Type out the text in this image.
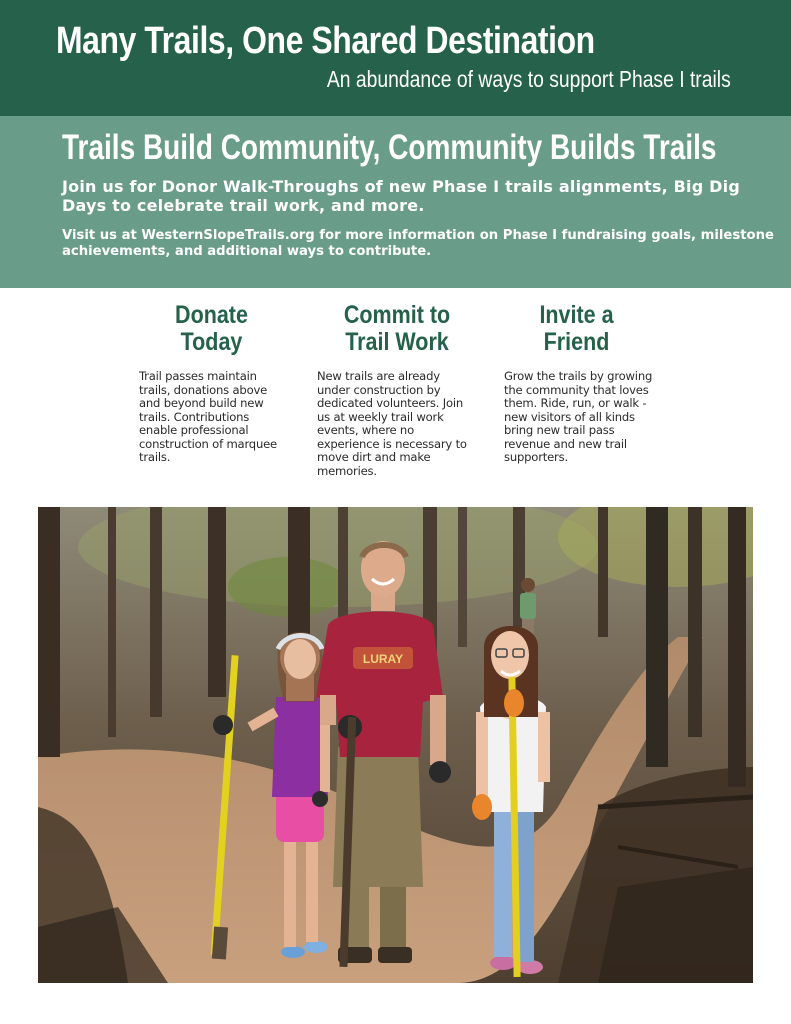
Many Trails, One Shared Destination

An abundance of ways to support Phase I trails

Trails Build Community, Community Builds Trails

Join us for Donor Walk-Throughs of new Phase I trails alignments, Big Dig Days to celebrate trail work, and more.

Visit us at WesternSlopeTrails.org for more information on Phase I fundraising goals, milestone achievements, and additional ways to contribute.

Donate Today

Trail passes maintain trails, donations above and beyond build new trails. Contributions enable professional construction of marquee trails.

Commit to Trail Work

New trails are already under construction by dedicated volunteers. Join us at weekly trail work events, where no experience is necessary to move dirt and make memories.

Invite a Friend

Grow the trails by growing the community that loves them. Ride, run, or walk - new visitors of all kinds bring new trail pass revenue and new trail supporters.

LURAY
